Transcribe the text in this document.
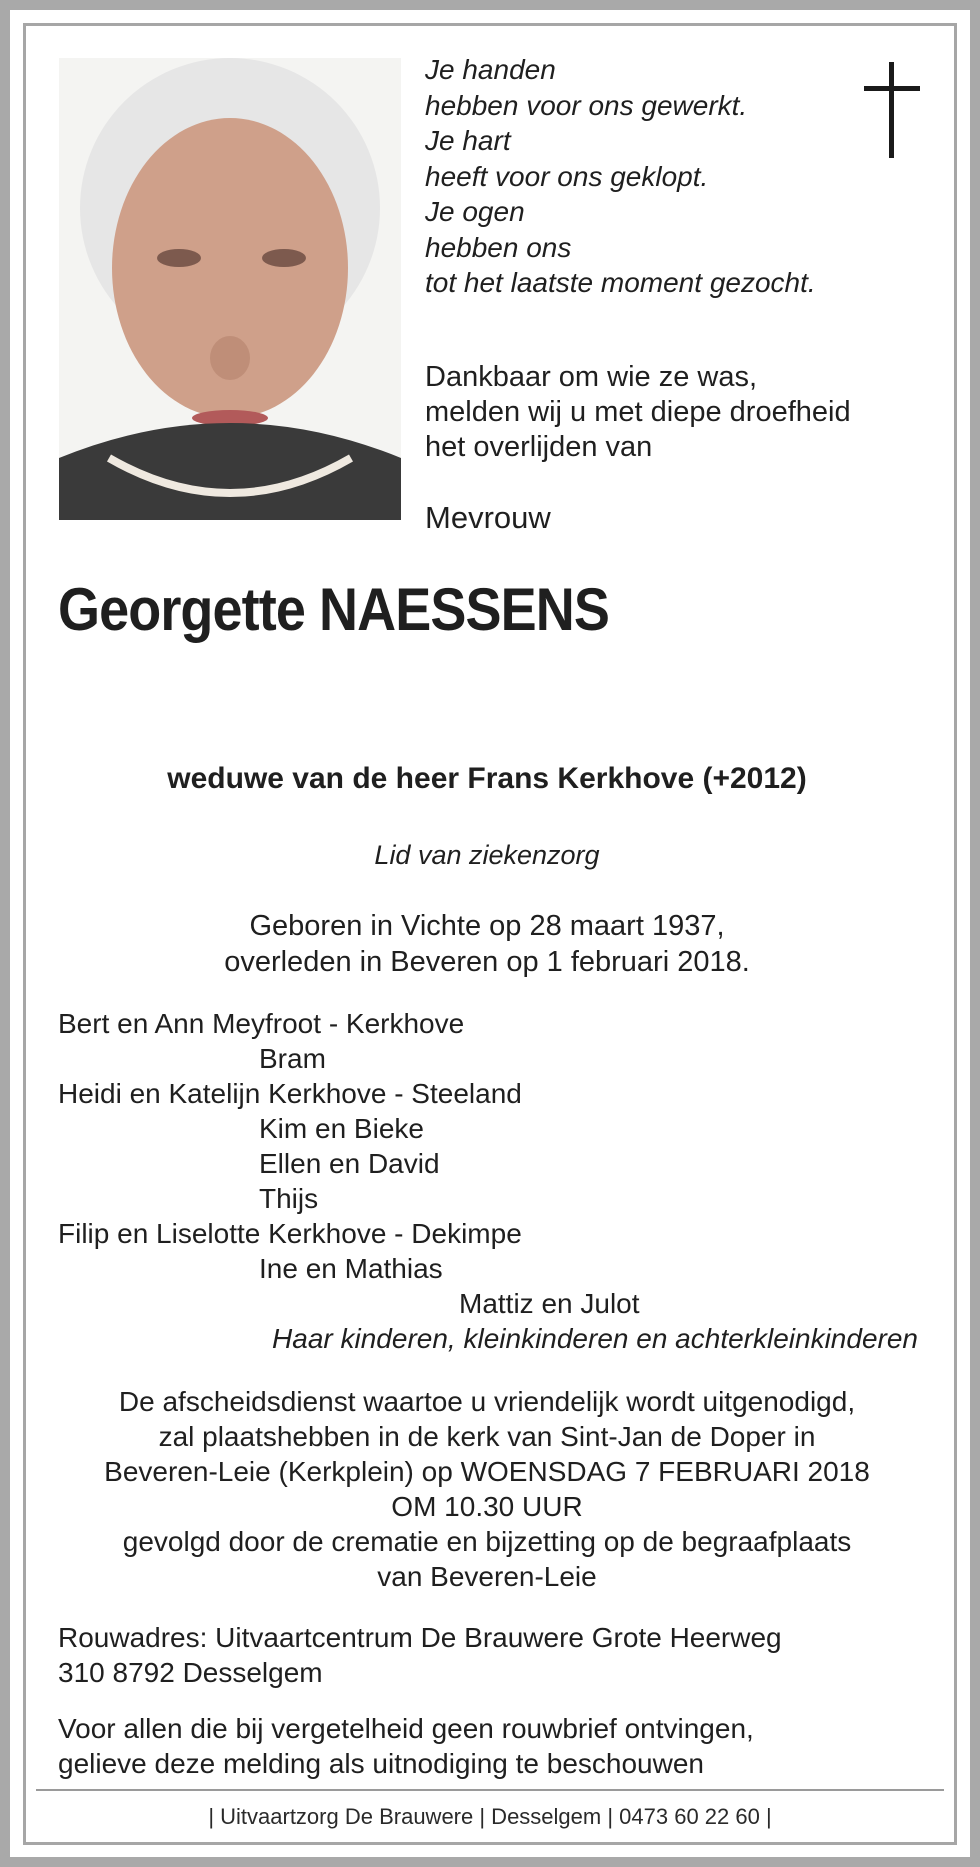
Je handen
hebben voor ons gewerkt.
Je hart
heeft voor ons geklopt.
Je ogen
hebben ons
tot het laatste moment gezocht.
Dankbaar om wie ze was,
melden wij u met diepe droefheid
het overlijden van
Mevrouw
Georgette NAESSENS
weduwe van de heer Frans Kerkhove (+2012)
Lid van ziekenzorg
Geboren in Vichte op 28 maart 1937,
overleden in Beveren op 1 februari 2018.
Bert en Ann Meyfroot - Kerkhove
Bram
Heidi en Katelijn Kerkhove - Steeland
Kim en Bieke
Ellen en David
Thijs
Filip en Liselotte Kerkhove - Dekimpe
Ine en Mathias
Mattiz en Julot
Haar kinderen, kleinkinderen en achterkleinkinderen
De afscheidsdienst waartoe u vriendelijk wordt uitgenodigd,
zal plaatshebben in de kerk van Sint-Jan de Doper in
Beveren-Leie (Kerkplein) op WOENSDAG 7 FEBRUARI 2018
OM 10.30 UUR
gevolgd door de crematie en bijzetting op de begraafplaats
van Beveren-Leie
Rouwadres: Uitvaartcentrum De Brauwere Grote Heerweg
310 8792 Desselgem
Voor allen die bij vergetelheid geen rouwbrief ontvingen,
gelieve deze melding als uitnodiging te beschouwen
| Uitvaartzorg De Brauwere | Desselgem | 0473 60 22 60 |
